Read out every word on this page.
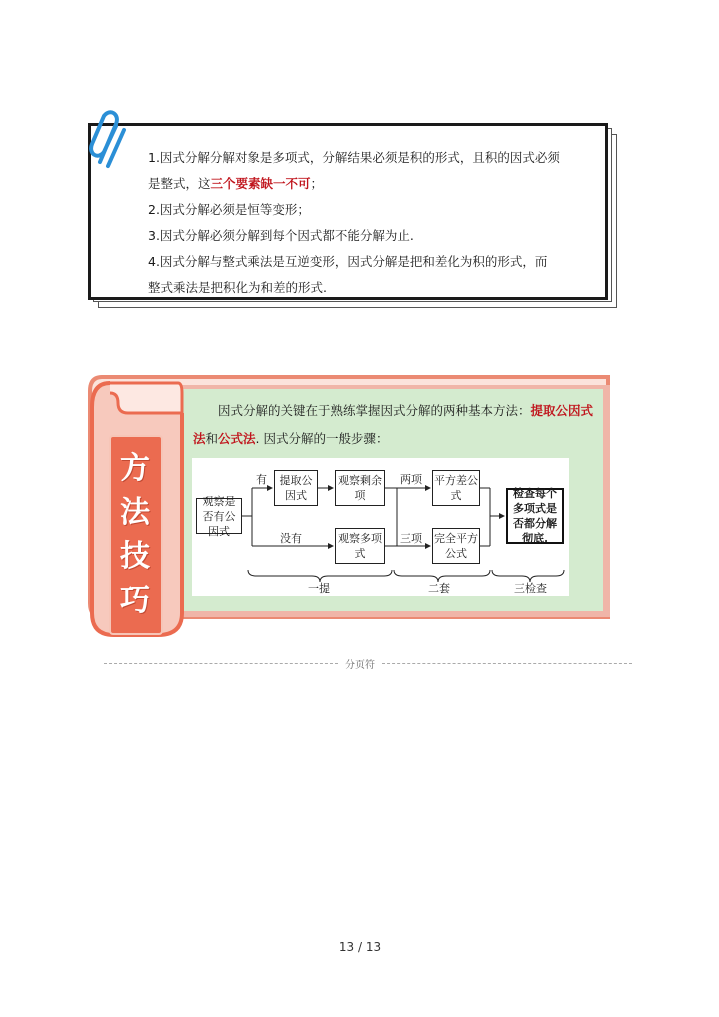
1.因式分解分解对象是多项式，分解结果必须是积的形式，且积的因式必须

是整式，这三个要素缺一不可；

2.因式分解必须是恒等变形；

3.因式分解必须分解到每个因式都不能分解为止.

4.因式分解与整式乘法是互逆变形，因式分解是把和差化为积的形式，而

整式乘法是把积化为和差的形式.

因式分解的关键在于熟练掌握因式分解的两种基本方法：提取公因式法和公式法. 因式分解的一般步骤：
方
法
技
巧
观察是否有公因式
有
没有
提取公因式
观察剩余项
观察多项式
两项
三项
平方差公式
完全平方公式
检查每个多项式是否都分解彻底.
一提	二套	三检查
分页符
13 / 13
